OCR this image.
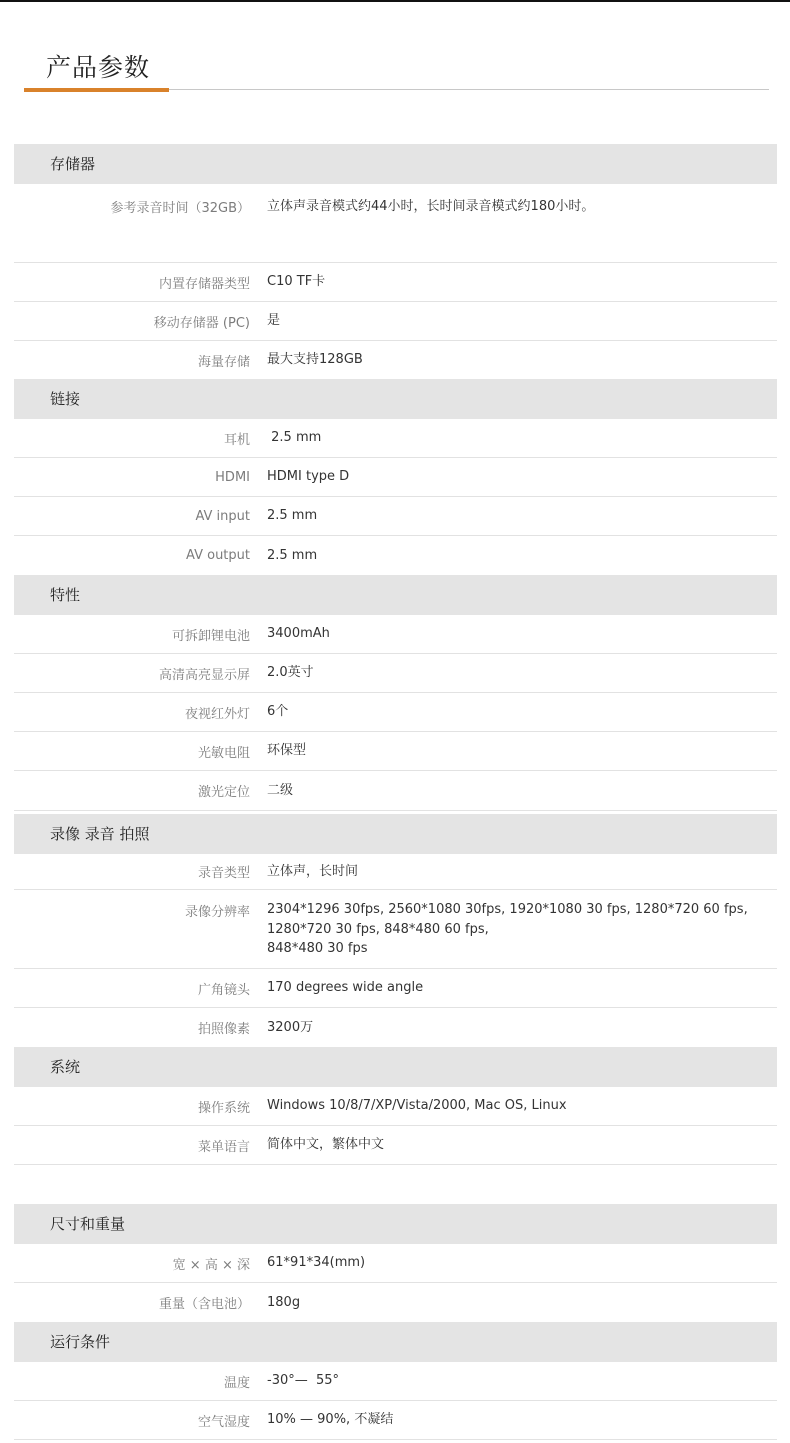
产品参数
存储器
参考录音时间（32GB）	立体声录音模式约44小时，长时间录音模式约180小时。
内置存储器类型	C10 TF卡
移动存储器 (PC)	是
海量存储	最大支持128GB
链接
耳机	2.5 mm
HDMI	HDMI type D
AV input	2.5 mm
AV output	2.5 mm
特性
可拆卸锂电池	3400mAh
高清高亮显示屏	2.0英寸
夜视红外灯	6个
光敏电阻	环保型
激光定位	二级
录像 录音 拍照
录音类型	立体声，长时间
录像分辨率 2304*1296 30fps, 2560*1080 30fps, 1920*1080 30 fps, 1280*720 60 fps,
1280*720 30 fps, 848*480 60 fps,
848*480 30 fps
广角镜头	170 degrees wide angle
拍照像素	3200万
系统
操作系统	Windows 10/8/7/XP/Vista/2000, Mac OS, Linux
菜单语言	简体中文，繁体中文
尺寸和重量
宽 × 高 × 深	61*91*34(mm)
重量（含电池）	180g
运行条件
温度	-30°—  55°
空气湿度	10% — 90%, 不凝结
